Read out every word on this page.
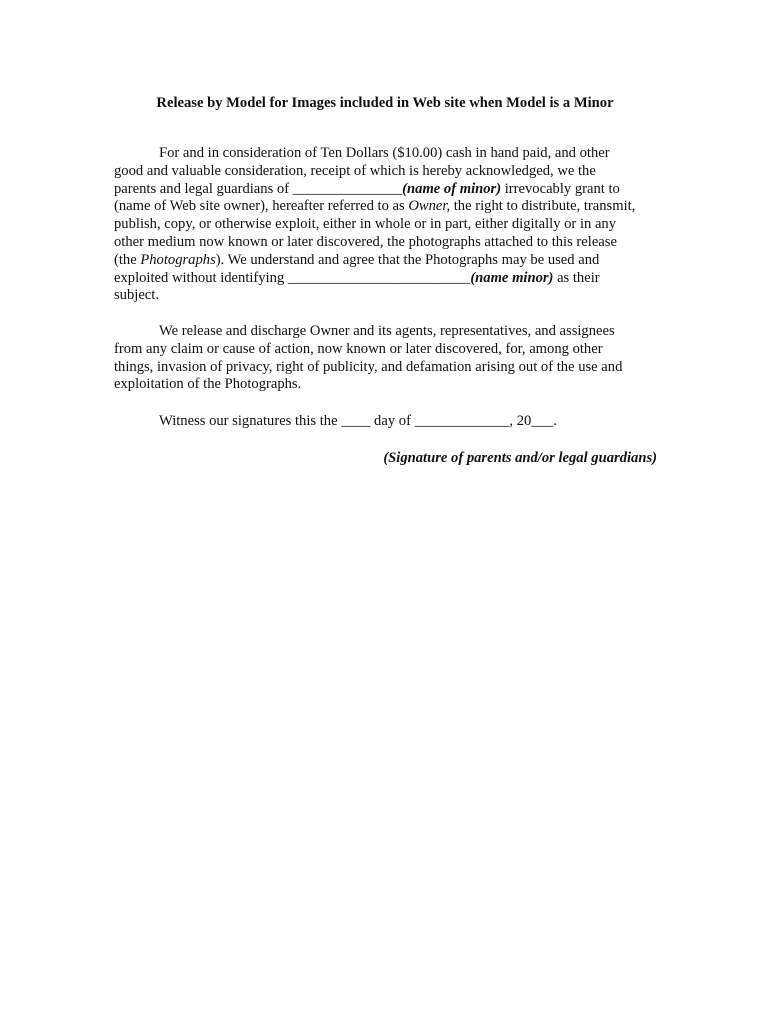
Release by Model for Images included in Web site when Model is a Minor
For and in consideration of Ten Dollars ($10.00) cash in hand paid, and other
good and valuable consideration, receipt of which is hereby acknowledged, we the
parents and legal guardians of _______________(name of minor) irrevocably grant to
(name of Web site owner), hereafter referred to as Owner, the right to distribute, transmit,
publish, copy, or otherwise exploit, either in whole or in part, either digitally or in any
other medium now known or later discovered, the photographs attached to this release
(the Photographs). We understand and agree that the Photographs may be used and
exploited without identifying _________________________(name minor) as their
subject.
We release and discharge Owner and its agents, representatives, and assignees
from any claim or cause of action, now known or later discovered, for, among other
things, invasion of privacy, right of publicity, and defamation arising out of the use and
exploitation of the Photographs.
Witness our signatures this the ____ day of _____________, 20___.
(Signature of parents and/or legal guardians)
